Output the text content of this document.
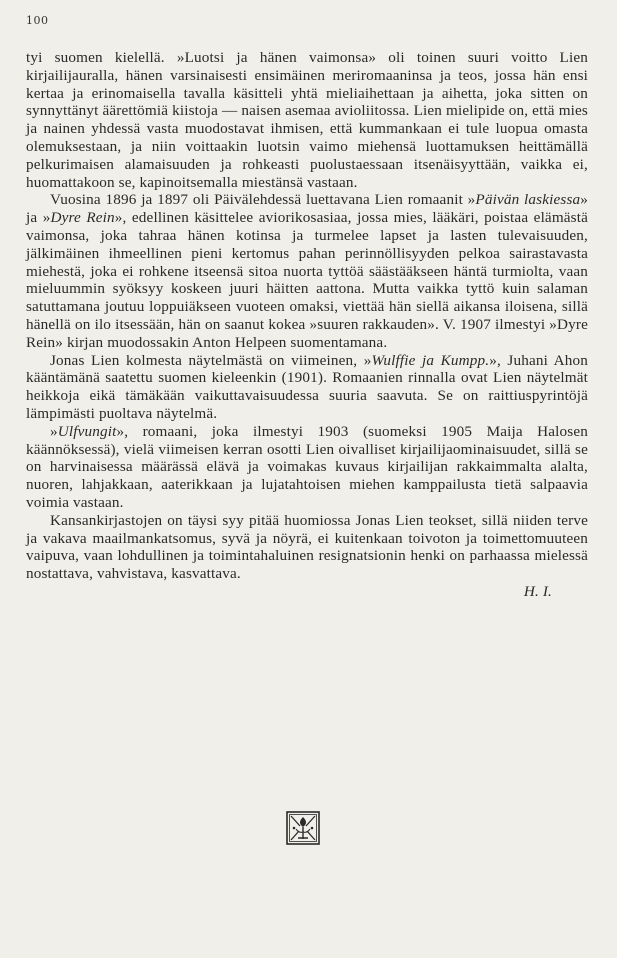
100

tyi suomen kielellä. »Luotsi ja hänen vaimonsa» oli toinen suuri voitto Lien kirjailijauralla, hänen varsinaisesti ensimäinen meriromaaninsa ja teos, jossa hän ensi kertaa ja erinomaisella tavalla käsitteli yhtä mieliaihettaan ja aihetta, joka sitten on synnyttänyt äärettömiä kiistoja — naisen asemaa avioliitossa. Lien mielipide on, että mies ja nainen yhdessä vasta muodostavat ihmisen, että kummankaan ei tule luopua omasta olemuksestaan, ja niin voittaakin luotsin vaimo miehensä luottamuksen heittämällä pelkurimaisen alamaisuuden ja rohkeasti puolustaessaan itsenäisyyttään, vaikka ei, huomattakoon se, kapinoitsemalla miestänsä vastaan.

Vuosina 1896 ja 1897 oli Päivälehdessä luettavana Lien romaanit »Päivän laskiessa» ja »Dyre Rein», edellinen käsittelee aviorikosasiaa, jossa mies, lääkäri, poistaa elämästä vaimonsa, joka tahraa hänen kotinsa ja turmelee lapset ja lasten tulevaisuuden, jälkimäinen ihmeellinen pieni kertomus pahan perinnöllisyyden pelkoa sairastavasta miehestä, joka ei rohkene itseensä sitoa nuorta tyttöä säästääkseen häntä turmiolta, vaan mieluummin syöksyy koskeen juuri häitten aattona. Mutta vaikka tyttö kuin salaman satuttamana joutuu loppuiäkseen vuoteen omaksi, viettää hän siellä aikansa iloisena, sillä hänellä on ilo itsessään, hän on saanut kokea »suuren rakkauden». V. 1907 ilmestyi »Dyre Rein» kirjan muodossakin Anton Helpeen suomentamana.

Jonas Lien kolmesta näytelmästä on viimeinen, »Wulffie ja Kumpp.», Juhani Ahon kääntämänä saatettu suomen kieleenkin (1901). Romaanien rinnalla ovat Lien näytelmät heikkoja eikä tämäkään vaikuttavaisuudessa suuria saavuta. Se on raittiuspyrintöjä lämpimästi puoltava näytelmä.

»Ulfvungit», romaani, joka ilmestyi 1903 (suomeksi 1905 Maija Halosen käännöksessä), vielä viimeisen kerran osotti Lien oivalliset kirjailijaominaisuudet, sillä se on harvinaisessa määrässä elävä ja voimakas kuvaus kirjailijan rakkaimmalta alalta, nuoren, lahjakkaan, aaterikkaan ja lujatahtoisen miehen kamppailusta tietä salpaavia voimia vastaan.

Kansankirjastojen on täysi syy pitää huomiossa Jonas Lien teokset, sillä niiden terve ja vakava maailmankatsomus, syvä ja nöyrä, ei kuitenkaan toivoton ja toimettomuuteen vaipuva, vaan lohdullinen ja toimintahaluinen resignatsionin henki on parhaassa mielessä nostattava, vahvistava, kasvattava.

H. I.
